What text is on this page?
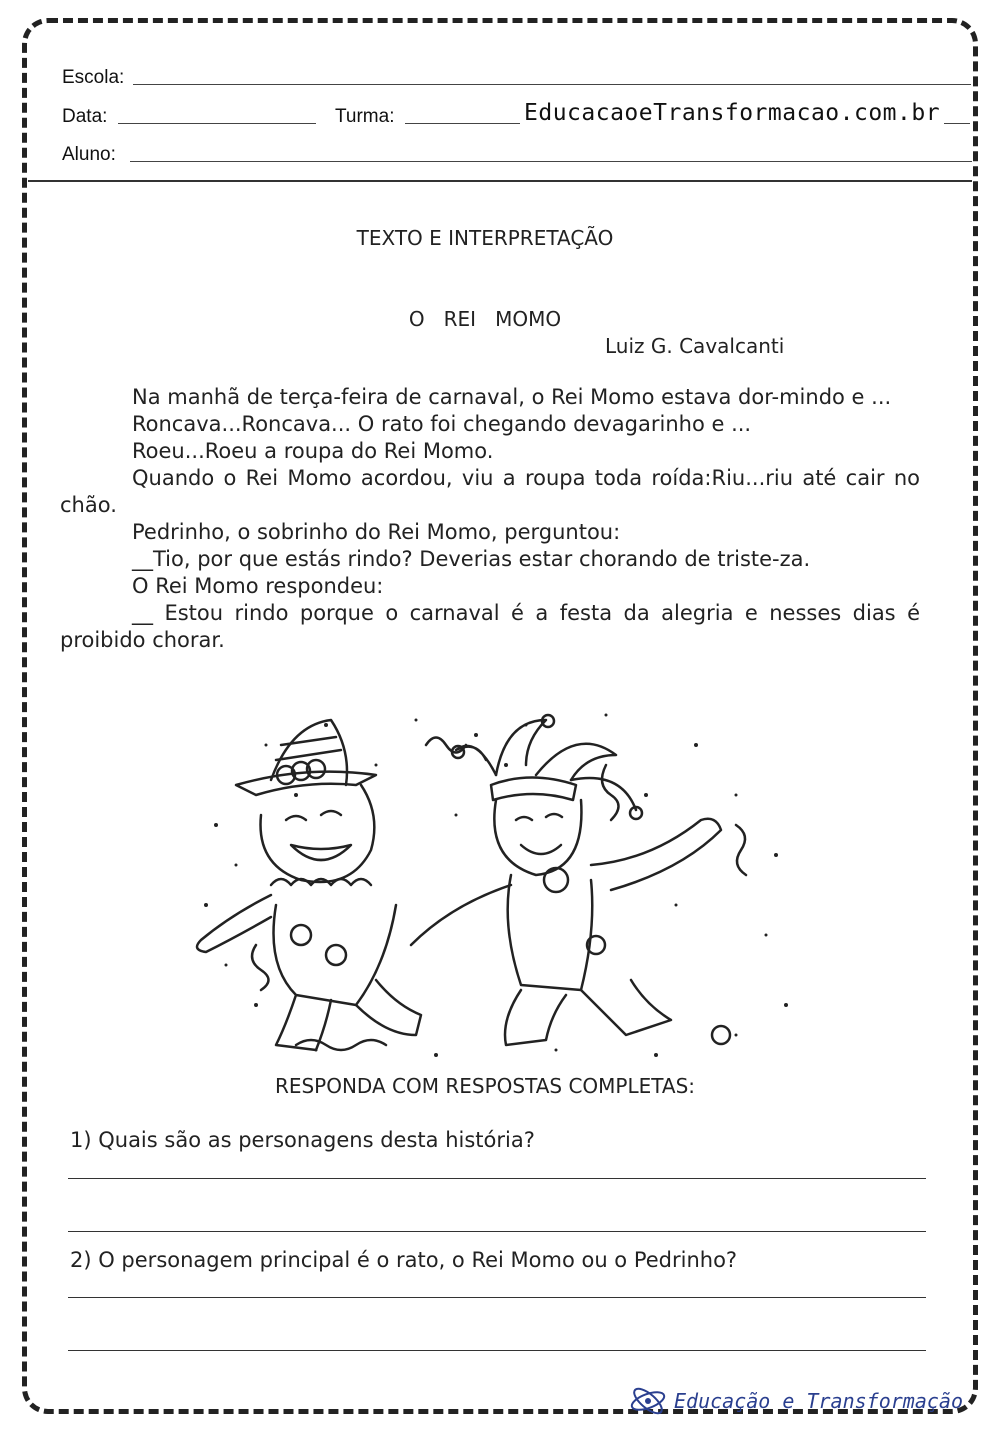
Escola:
Data:	Turma:	EducacaoeTransformacao.com.br
Aluno:
TEXTO E INTERPRETAÇÃO
O   REI   MOMO
Luiz G. Cavalcanti

Na manhã de terça-feira de carnaval, o Rei Momo estava dor-mindo e ...

Roncava...Roncava... O rato foi chegando devagarinho e ...

Roeu...Roeu a roupa do Rei Momo.

Quando o Rei Momo acordou, viu a roupa toda roída:Riu...riu até cair no chão.

Pedrinho, o sobrinho do Rei Momo, perguntou:

__Tio, por que estás rindo? Deverias estar chorando de triste-za.

O Rei Momo respondeu:

__ Estou rindo porque o carnaval é a festa da alegria e nesses dias é proibido chorar.

RESPONDA COM RESPOSTAS COMPLETAS:
1) Quais são as personagens desta história?
2) O personagem principal é o rato, o Rei Momo ou o Pedrinho?
Educação e Transformação
